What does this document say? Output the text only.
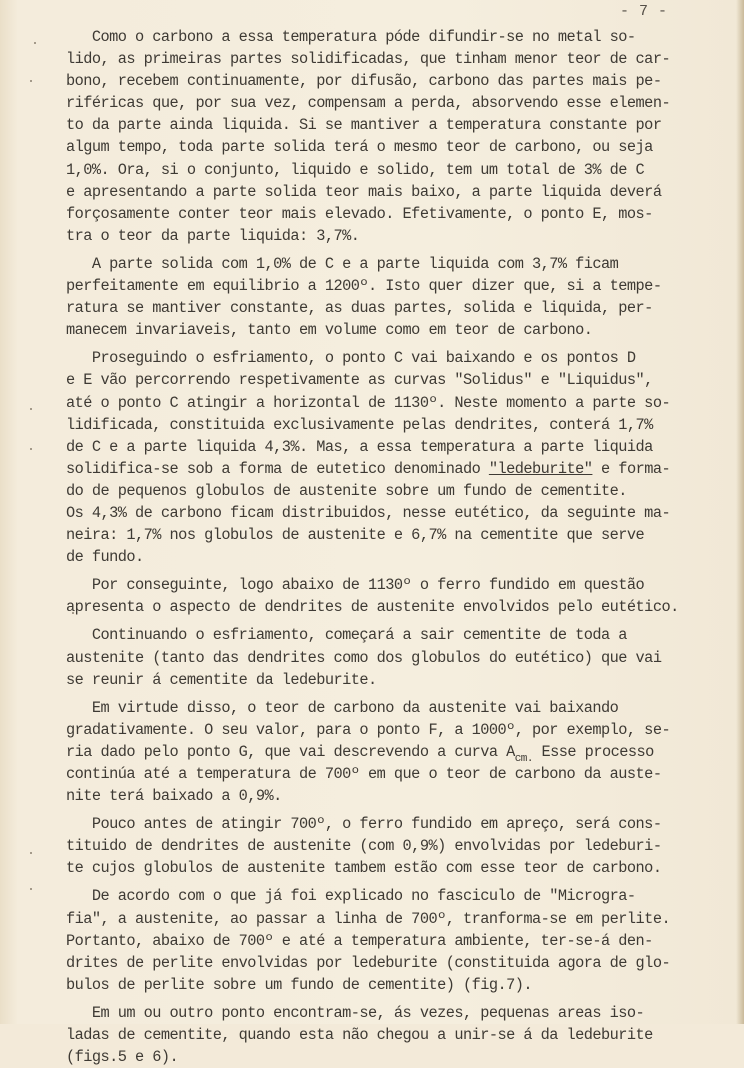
- 7 -
Como o carbono a essa temperatura póde difundir-se no metal so-
lido, as primeiras partes solidificadas, que tinham menor teor de car-
bono, recebem continuamente, por difusão, carbono das partes mais pe-
riféricas que, por sua vez, compensam a perda, absorvendo esse elemen-
to da parte ainda liquida. Si se mantiver a temperatura constante por
algum tempo, toda parte solida terá o mesmo teor de carbono, ou seja
1,0%. Ora, si o conjunto, liquido e solido, tem um total de 3% de C
e apresentando a parte solida teor mais baixo, a parte liquida deverá
forçosamente conter teor mais elevado. Efetivamente, o ponto E, mos-
tra o teor da parte liquida: 3,7%.
A parte solida com 1,0% de C e a parte liquida com 3,7% ficam
perfeitamente em equilibrio a 1200º. Isto quer dizer que, si a tempe-
ratura se mantiver constante, as duas partes, solida e liquida, per-
manecem invariaveis, tanto em volume como em teor de carbono.
Proseguindo o esfriamento, o ponto C vai baixando e os pontos D
e E vão percorrendo respetivamente as curvas "Solidus" e "Liquidus",
até o ponto C atingir a horizontal de 1130º. Neste momento a parte so-
lidificada, constituida exclusivamente pelas dendrites, conterá 1,7%
de C e a parte liquida 4,3%. Mas, a essa temperatura a parte liquida
solidifica-se sob a forma de eutetico denominado "ledeburite" e forma-
do de pequenos globulos de austenite sobre um fundo de cementite.
Os 4,3% de carbono ficam distribuidos, nesse eutético, da seguinte ma-
neira: 1,7% nos globulos de austenite e 6,7% na cementite que serve
de fundo.
Por conseguinte, logo abaixo de 1130º o ferro fundido em questão
apresenta o aspecto de dendrites de austenite envolvidos pelo eutético.
Continuando o esfriamento, começará a sair cementite de toda a
austenite (tanto das dendrites como dos globulos do eutético) que vai
se reunir á cementite da ledeburite.
Em virtude disso, o teor de carbono da austenite vai baixando
gradativamente. O seu valor, para o ponto F, a 1000º, por exemplo, se-
ria dado pelo ponto G, que vai descrevendo a curva $A_{cm.}$ Esse processo
continúa até a temperatura de 700º em que o teor de carbono da auste-
nite terá baixado a 0,9%.
Pouco antes de atingir 700º, o ferro fundido em apreço, será cons-
tituido de dendrites de austenite (com 0,9%) envolvidas por ledeburi-
te cujos globulos de austenite tambem estão com esse teor de carbono.
De acordo com o que já foi explicado no fasciculo de "Microgra-
fia", a austenite, ao passar a linha de 700º, tranforma-se em perlite.
Portanto, abaixo de 700º e até a temperatura ambiente, ter-se-á den-
drites de perlite envolvidas por ledeburite (constituida agora de glo-
bulos de perlite sobre um fundo de cementite) (fig.7).
Em um ou outro ponto encontram-se, ás vezes, pequenas areas iso-
ladas de cementite, quando esta não chegou a unir-se á da ledeburite
(figs.5 e 6).
